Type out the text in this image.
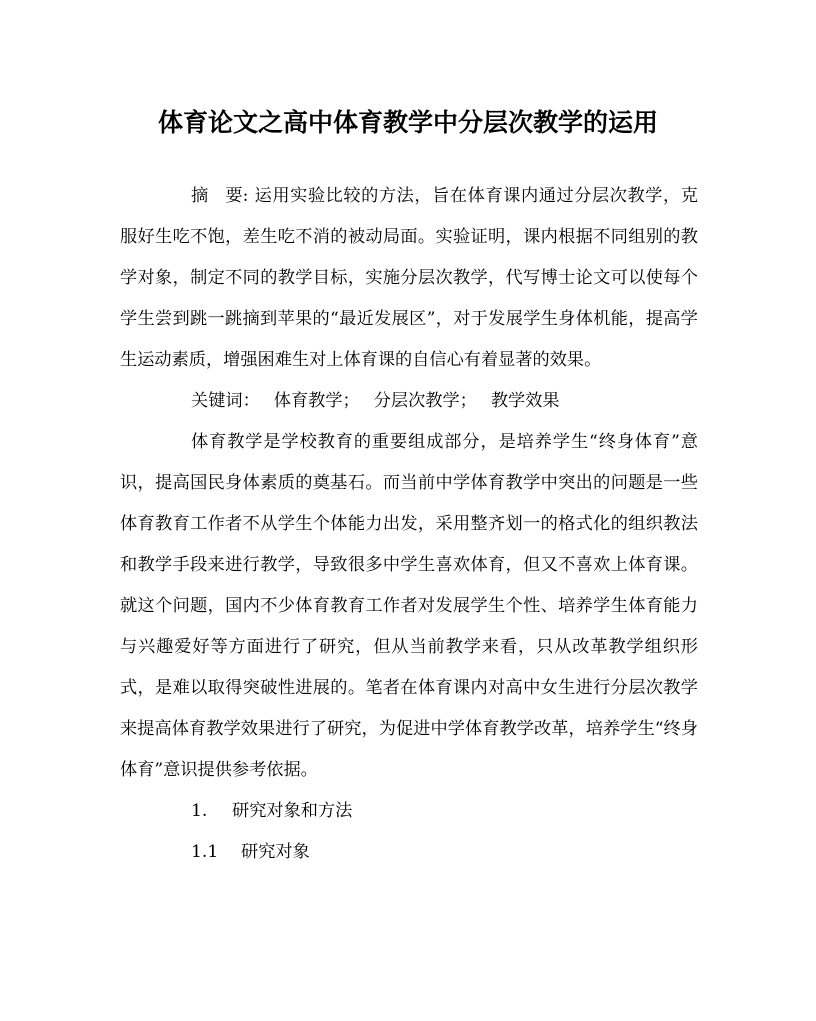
体育论文之高中体育教学中分层次教学的运用

摘　要: 运用实验比较的方法，旨在体育课内通过分层次教学，克服好生吃不饱，差生吃不消的被动局面。实验证明，课内根据不同组别的教学对象，制定不同的教学目标，实施分层次教学，代写博士论文可以使每个学生尝到跳一跳摘到苹果的“最近发展区”，对于发展学生身体机能，提高学生运动素质，增强困难生对上体育课的自信心有着显著的效果。

关键词： 体育教学； 分层次教学； 教学效果

体育教学是学校教育的重要组成部分，是培养学生“终身体育”意识，提高国民身体素质的奠基石。而当前中学体育教学中突出的问题是一些体育教育工作者不从学生个体能力出发，采用整齐划一的格式化的组织教法和教学手段来进行教学，导致很多中学生喜欢体育，但又不喜欢上体育课。就这个问题，国内不少体育教育工作者对发展学生个性、培养学生体育能力与兴趣爱好等方面进行了研究，但从当前教学来看，只从改革教学组织形式，是难以取得突破性进展的。笔者在体育课内对高中女生进行分层次教学来提高体育教学效果进行了研究，为促进中学体育教学改革，培养学生“终身体育”意识提供参考依据。

1. 研究对象和方法

1.1 研究对象
